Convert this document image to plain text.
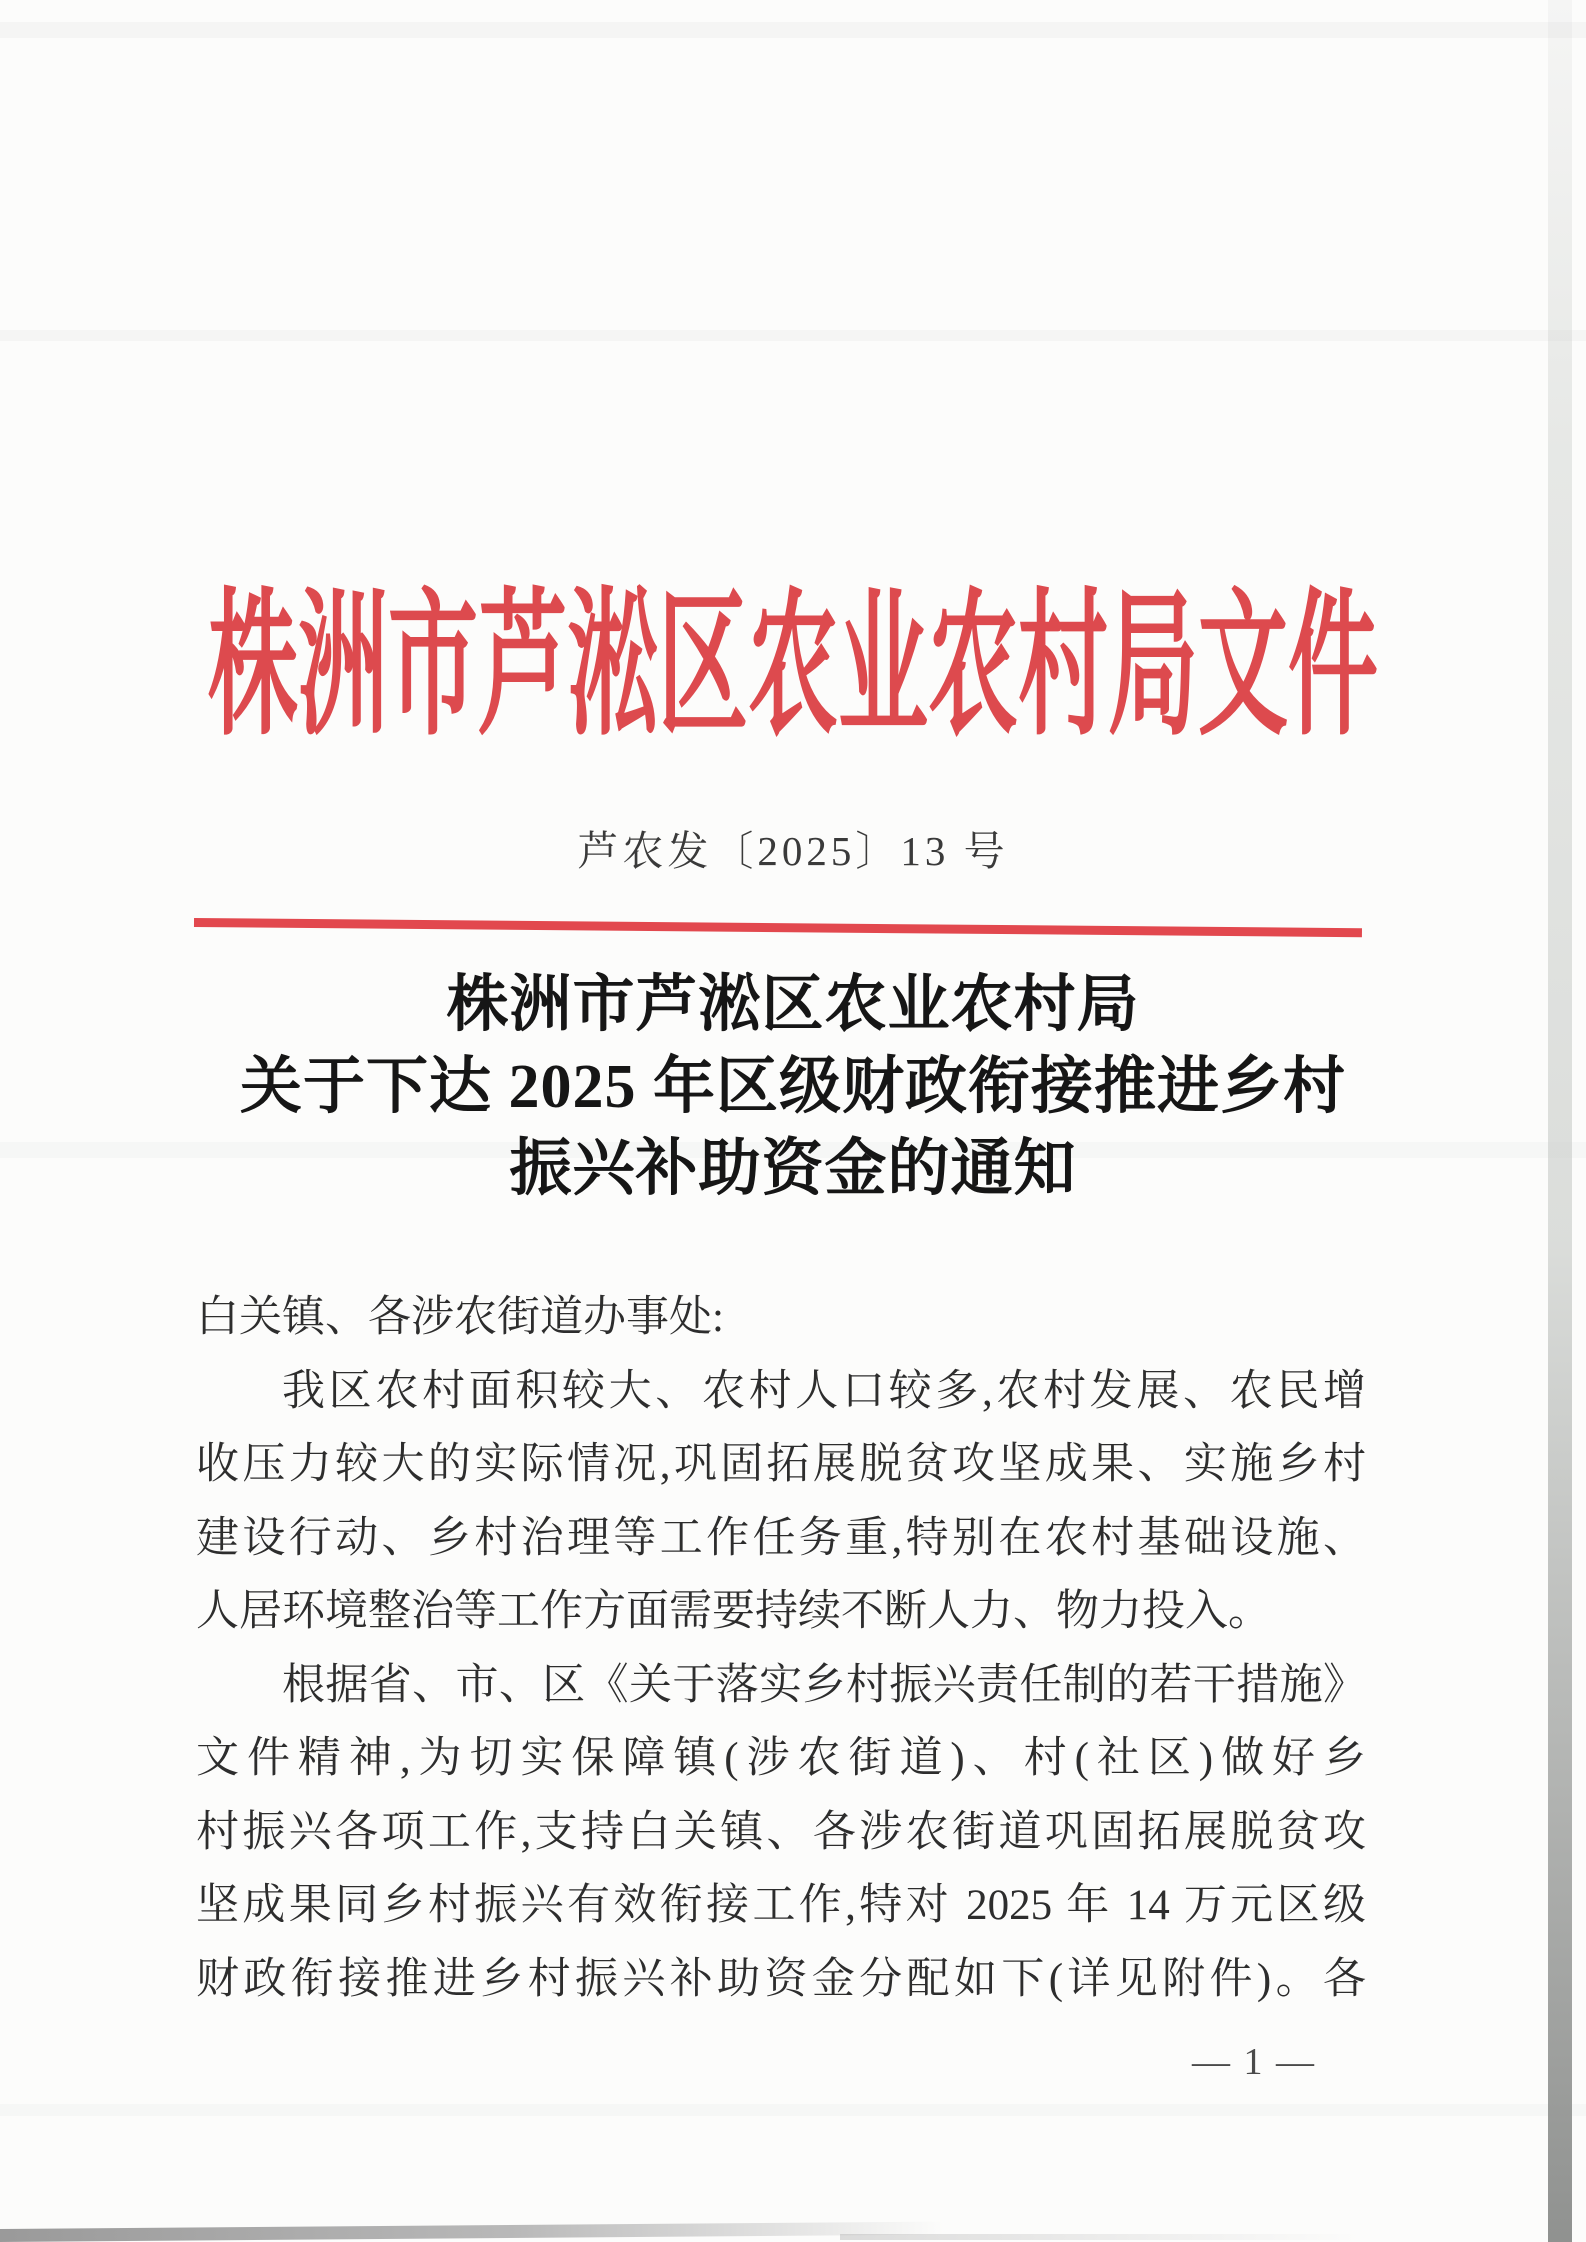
株洲市芦淞区农业农村局文件
芦农发〔2025〕13 号
株洲市芦淞区农业农村局
关于下达 2025 年区级财政衔接推进乡村
振兴补助资金的通知
白关镇、各涉农街道办事处:
我区农村面积较大、农村人口较多,农村发展、农民增
收压力较大的实际情况,巩固拓展脱贫攻坚成果、实施乡村
建设行动、乡村治理等工作任务重,特别在农村基础设施、
人居环境整治等工作方面需要持续不断人力、物力投入。
根据省、市、区《关于落实乡村振兴责任制的若干措施》
文件精神,为切实保障镇(涉农街道)、村(社区)做好乡
村振兴各项工作,支持白关镇、各涉农街道巩固拓展脱贫攻
坚成果同乡村振兴有效衔接工作,特对 2025 年 14 万元区级
财政衔接推进乡村振兴补助资金分配如下(详见附件)。各
— 1 —
